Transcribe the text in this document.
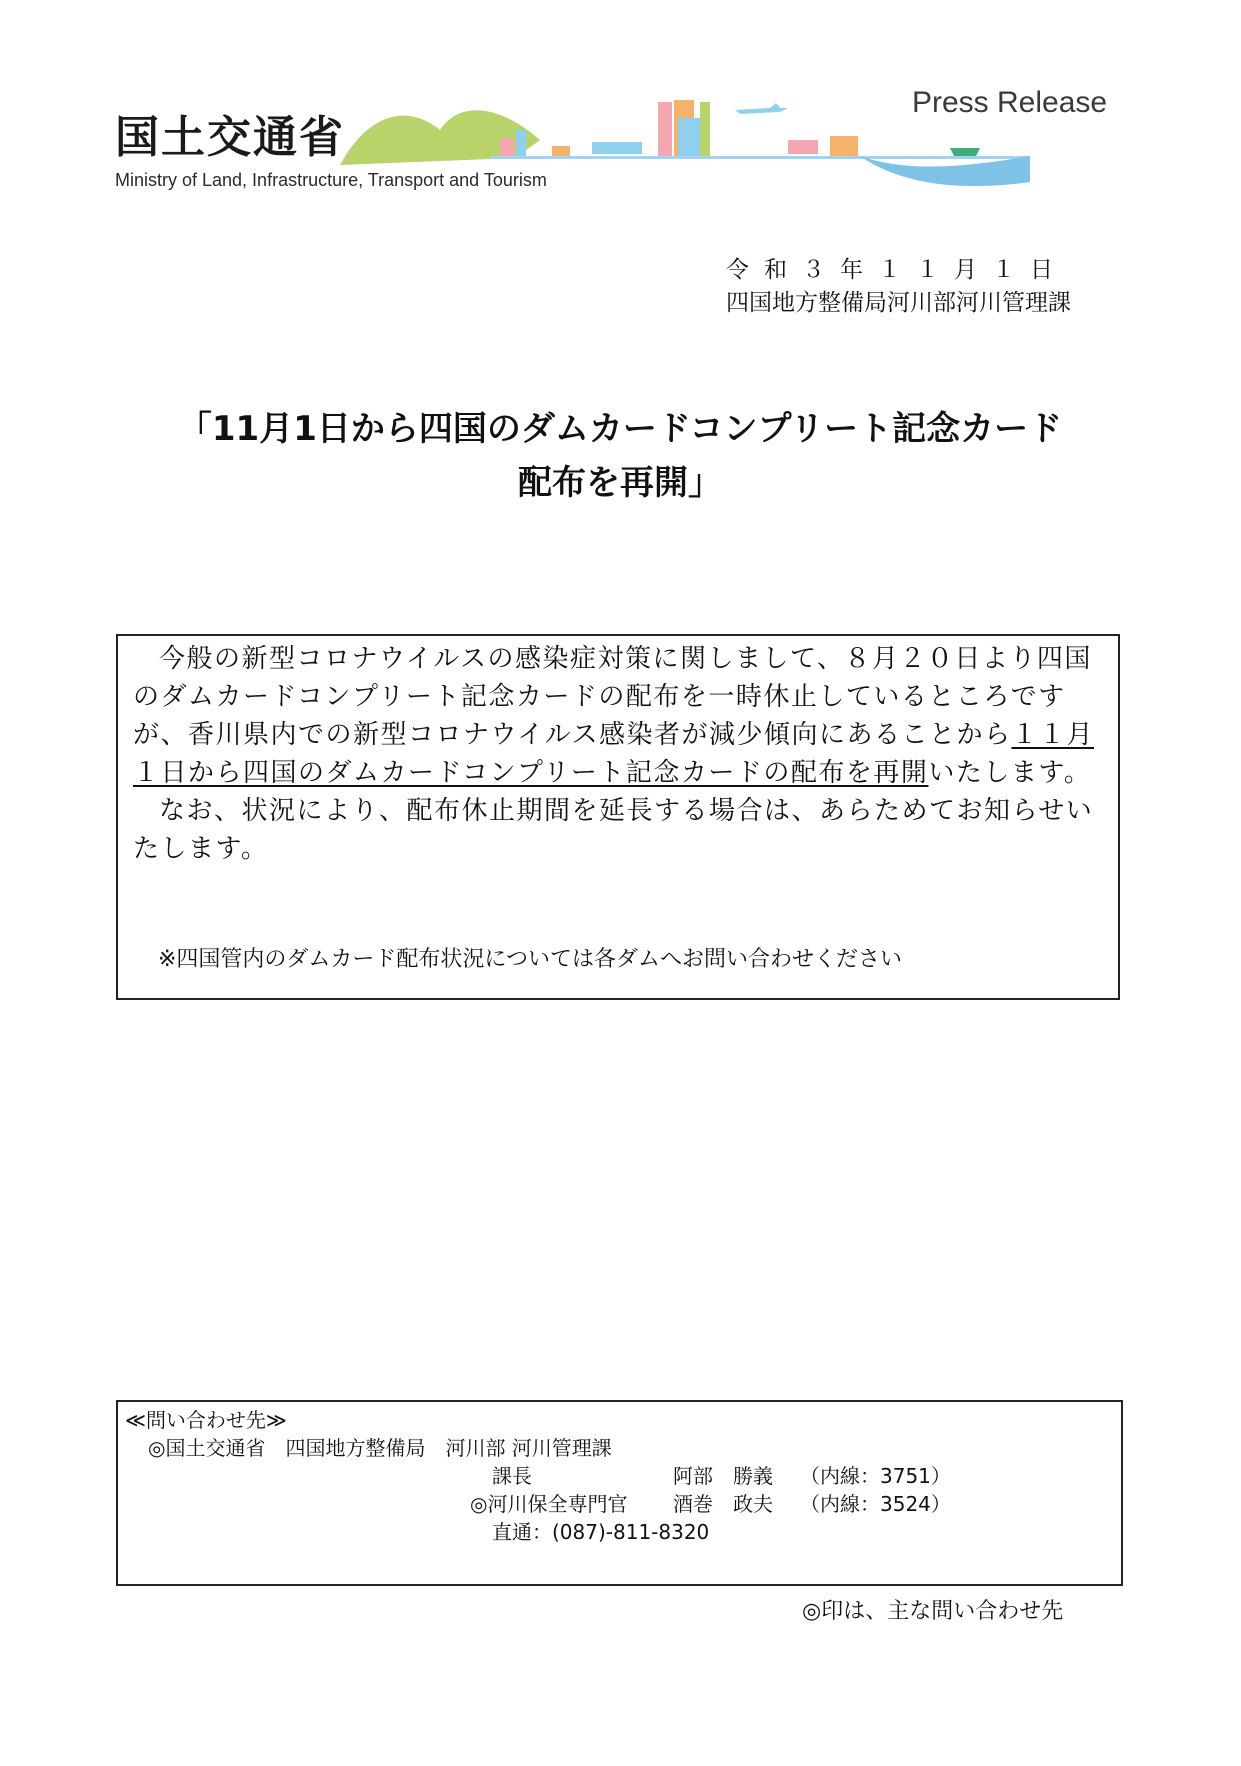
国土交通省
Ministry of Land, Infrastructure, Transport and Tourism
Press Release
令和３年１１月１日
四国地方整備局河川部河川管理課
「11月1日から四国のダムカードコンプリート記念カード
配布を再開」

今般の新型コロナウイルスの感染症対策に関しまして、８月２０日より四国のダムカードコンプリート記念カードの配布を一時休止しているところですが、香川県内での新型コロナウイルス感染者が減少傾向にあることから１１月１日から四国のダムカードコンプリート記念カードの配布を再開いたします。

なお、状況により、配布休止期間を延長する場合は、あらためてお知らせいたします。

※四国管内のダムカード配布状況については各ダムへお問い合わせください
≪問い合わせ先≫
◎国土交通省　四国地方整備局　河川部 河川管理課
課長	阿部　勝義 （内線：3751）
◎河川保全専門官 酒巻　政夫 （内線：3524）
直通：(087)-811-8320
◎印は、主な問い合わせ先
